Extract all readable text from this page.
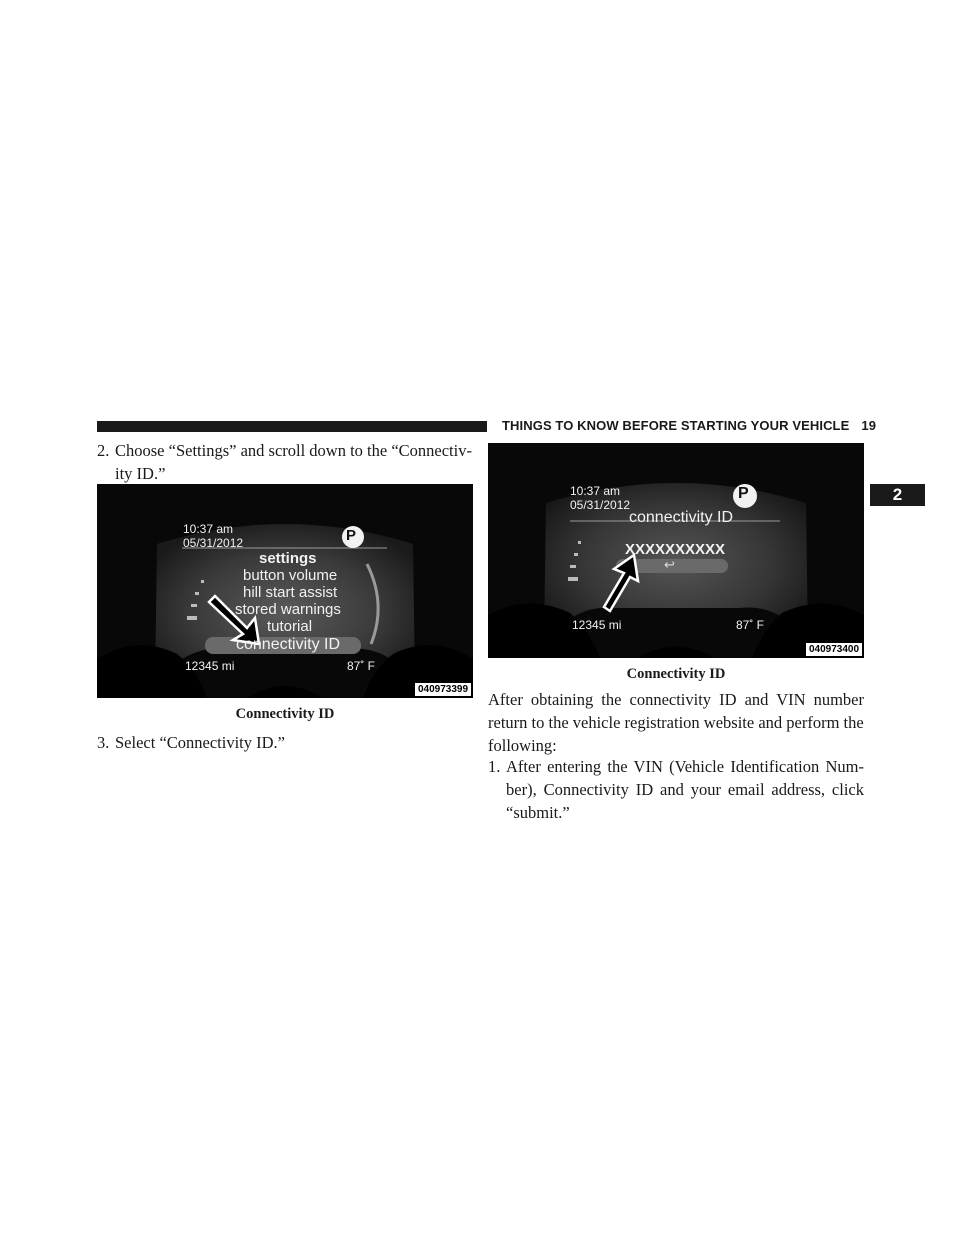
THINGS TO KNOW BEFORE STARTING YOUR VEHICLE 19
2
2. Choose “Settings” and scroll down to the “Connectiv-
ity ID.”
10:37 am
05/31/2012	P
settings
button volume
hill start assist
stored warnings
tutorial
connectivity ID
12345 mi	87˚ F
040973399
Connectivity ID
3. Select “Connectivity ID.”
10:37 am
05/31/2012
P
connectivity ID
XXXXXXXXXX
↩
12345 mi	87˚ F
040973400
Connectivity ID
After obtaining the connectivity ID and VIN number
return to the vehicle registration website and perform the
following:
1. After entering the VIN (Vehicle Identification Num-
ber), Connectivity ID and your email address, click
“submit.”
